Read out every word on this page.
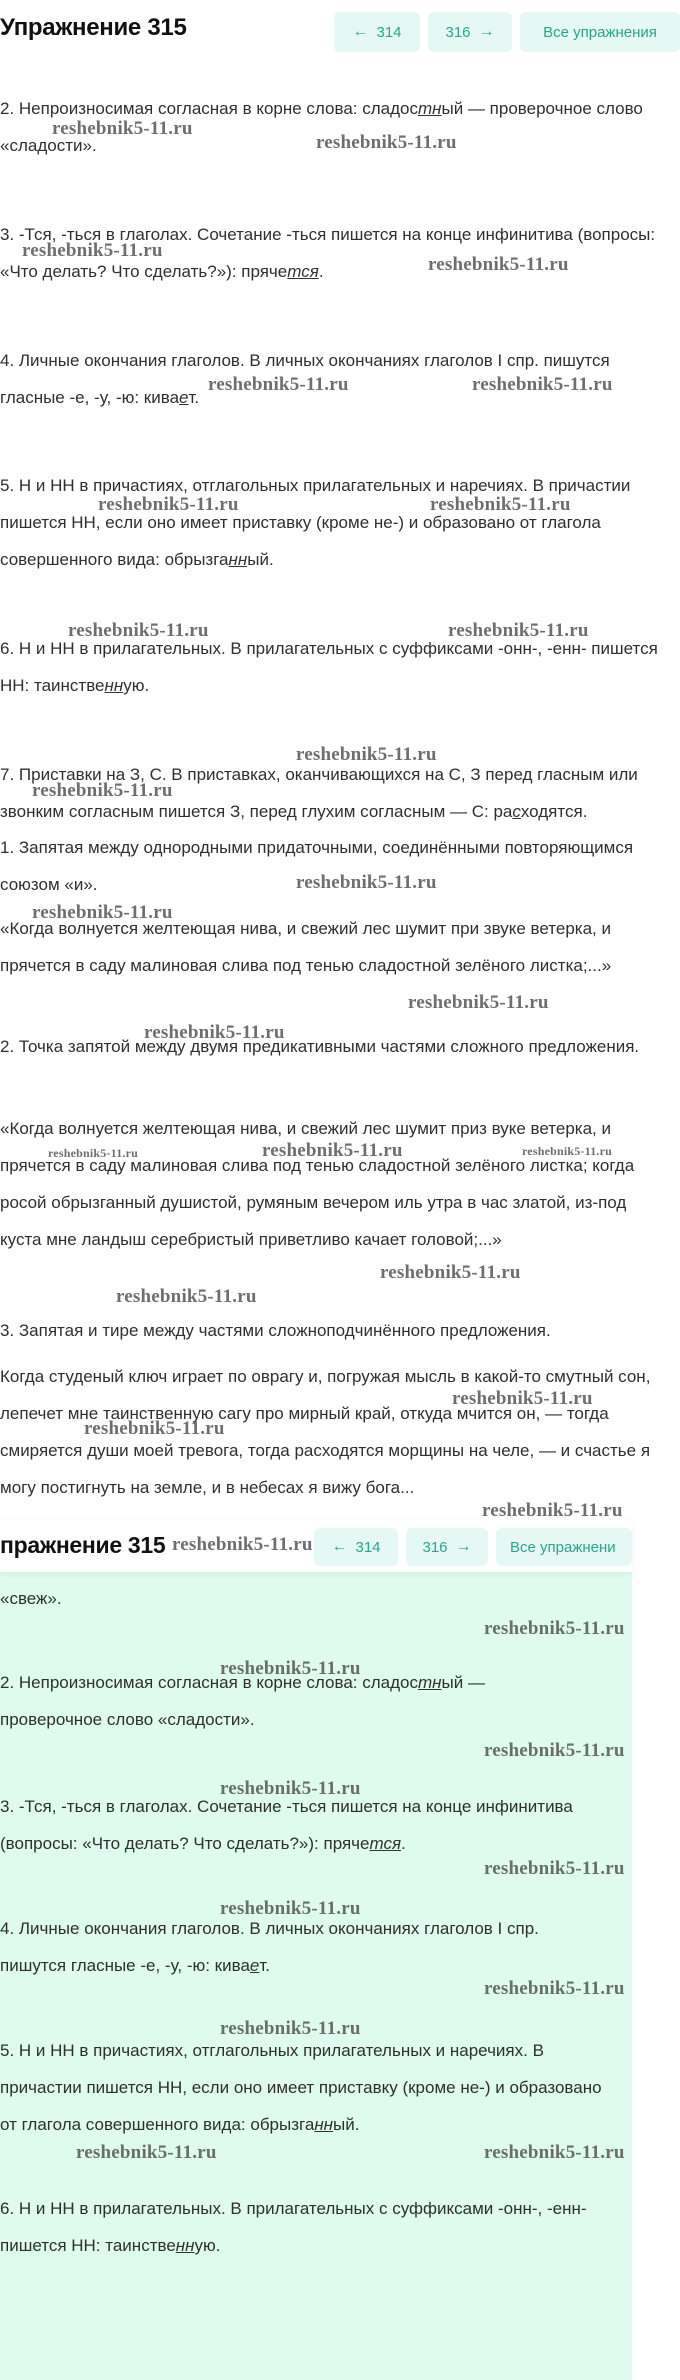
Упражнение 315	← 314	316 →	Все упражнения
2. Непроизносимая согласная в корне слова: сладостный — проверочное слово «сладости».
3. -Тся, -ться в глаголах. Сочетание -ться пишется на конце инфинитива (вопросы: «Что делать? Что сделать?»): прячется.
4. Личные окончания глаголов. В личных окончаниях глаголов I спр. пишутся гласные -е, -у, -ю: кивает.
5. Н и НН в причастиях, отглагольных прилагательных и наречиях. В причастии пишется НН, если оно имеет приставку (кроме не-) и образовано от глагола совершенного вида: обрызганный.
6. Н и НН в прилагательных. В прилагательных с суффиксами -онн-, -енн- пишется НН: таинственную.
7. Приставки на З, С. В приставках, оканчивающихся на С, З перед гласным или звонким согласным пишется З, перед глухим согласным — С: расходятся.
1. Запятая между однородными придаточными, соединёнными повторяющимся союзом «и».
«Когда волнуется желтеющая нива, и свежий лес шумит при звуке ветерка, и прячется в саду малиновая слива под тенью сладостной зелёного листка;...»
2. Точка запятой между двумя предикативными частями сложного предложения.
«Когда волнуется желтеющая нива, и свежий лес шумит приз вуке ветерка, и прячется в саду малиновая слива под тенью сладостной зелёного листка; когда росой обрызганный душистой, румяным вечером иль утра в час златой, из-под куста мне ландыш серебристый приветливо качает головой;...»
3. Запятая и тире между частями сложноподчинённого предложения.
Когда студеный ключ играет по оврагу и, погружая мысль в какой-то смутный сон, лепечет мне таинственную сагу про мирный край, откуда мчится он, — тогда смиряется души моей тревога, тогда расходятся морщины на челе, — и счастье я могу постигнуть на земле, и в небесах я вижу бога...
пражнение 315	← 314	316 →	Все упражнени
«свеж».
2. Непроизносимая согласная в корне слова: сладостный — проверочное слово «сладости».
3. -Тся, -ться в глаголах. Сочетание -ться пишется на конце инфинитива (вопросы: «Что делать? Что сделать?»): прячется.
4. Личные окончания глаголов. В личных окончаниях глаголов I спр. пишутся гласные -е, -у, -ю: кивает.
5. Н и НН в причастиях, отглагольных прилагательных и наречиях. В причастии пишется НН, если оно имеет приставку (кроме не-) и образовано от глагола совершенного вида: обрызганный.
6. Н и НН в прилагательных. В прилагательных с суффиксами -онн-, -енн- пишется НН: таинственную.
reshebnik5-11.ru
reshebnik5-11.ru
reshebnik5-11.ru
reshebnik5-11.ru
reshebnik5-11.ru	reshebnik5-11.ru
reshebnik5-11.ru	reshebnik5-11.ru
reshebnik5-11.ru	reshebnik5-11.ru
reshebnik5-11.ru
reshebnik5-11.ru
reshebnik5-11.ru
reshebnik5-11.ru
reshebnik5-11.ru
reshebnik5-11.ru
reshebnik5-11.ru	reshebnik5-11.ru	reshebnik5-11.ru
reshebnik5-11.ru
reshebnik5-11.ru
reshebnik5-11.ru
reshebnik5-11.ru
reshebnik5-11.ru
reshebnik5-11.ru
reshebnik5-11.ru
reshebnik5-11.ru
reshebnik5-11.ru
reshebnik5-11.ru
reshebnik5-11.ru
reshebnik5-11.ru
reshebnik5-11.ru
reshebnik5-11.ru
reshebnik5-11.ru	reshebnik5-11.ru
